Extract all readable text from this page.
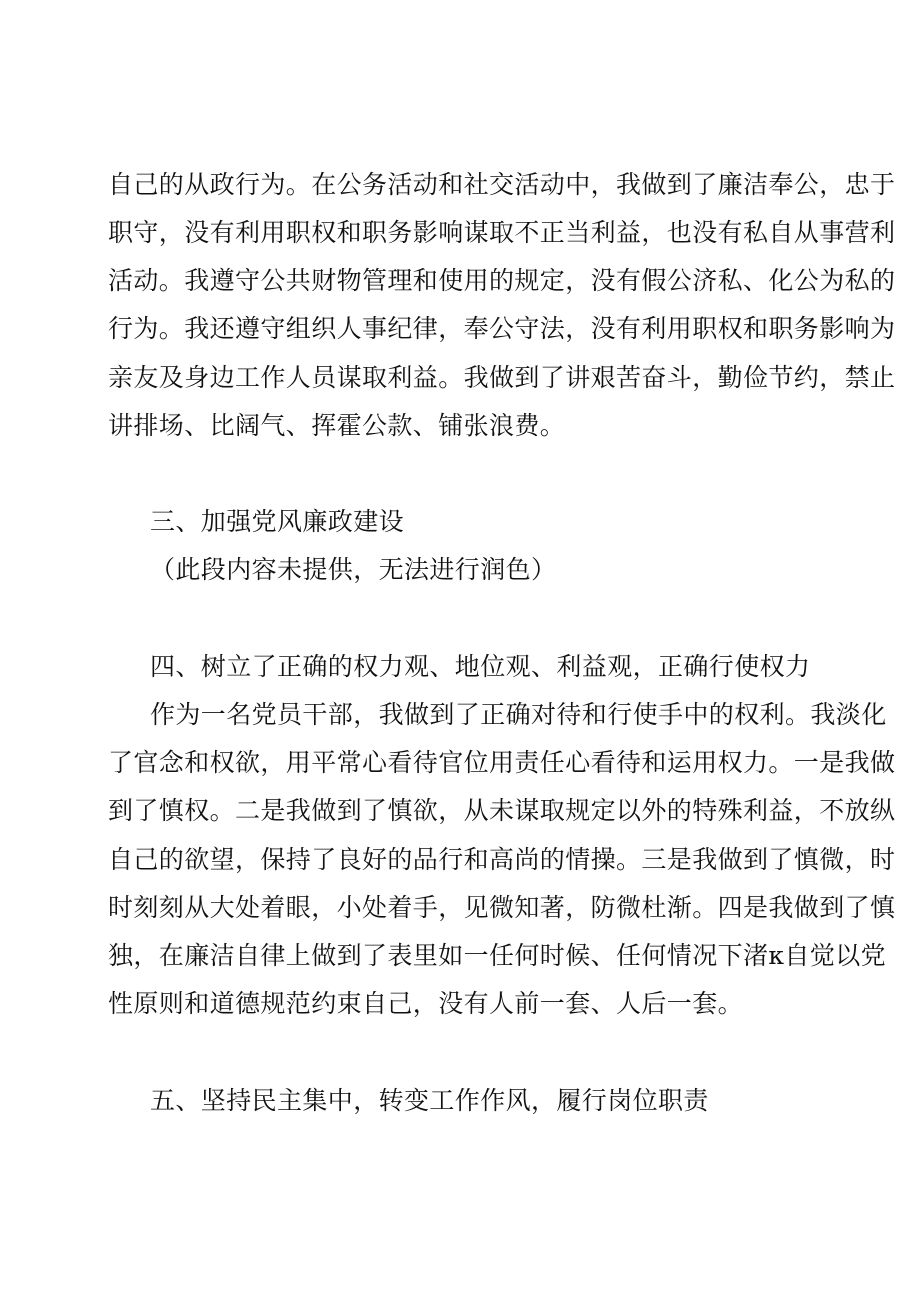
自己的从政行为。在公务活动和社交活动中，我做到了廉洁奉公，忠于
职守，没有利用职权和职务影响谋取不正当利益，也没有私自从事营利
活动。我遵守公共财物管理和使用的规定，没有假公济私、化公为私的
行为。我还遵守组织人事纪律，奉公守法，没有利用职权和职务影响为
亲友及身边工作人员谋取利益。我做到了讲艰苦奋斗，勤俭节约，禁止
讲排场、比阔气、挥霍公款、铺张浪费。
三、加强党风廉政建设
（此段内容未提供，无法进行润色）
四、树立了正确的权力观、地位观、利益观，正确行使权力
作为一名党员干部，我做到了正确对待和行使手中的权利。我淡化
了官念和权欲，用平常心看待官位用责任心看待和运用权力。一是我做
到了慎权。二是我做到了慎欲，从未谋取规定以外的特殊利益，不放纵
自己的欲望，保持了良好的品行和高尚的情操。三是我做到了慎微，时
时刻刻从大处着眼，小处着手，见微知著，防微杜渐。四是我做到了慎
独，在廉洁自律上做到了表里如一任何时候、任何情况下渚к自觉以党
性原则和道德规范约束自己，没有人前一套、人后一套。
五、坚持民主集中，转变工作作风，履行岗位职责
